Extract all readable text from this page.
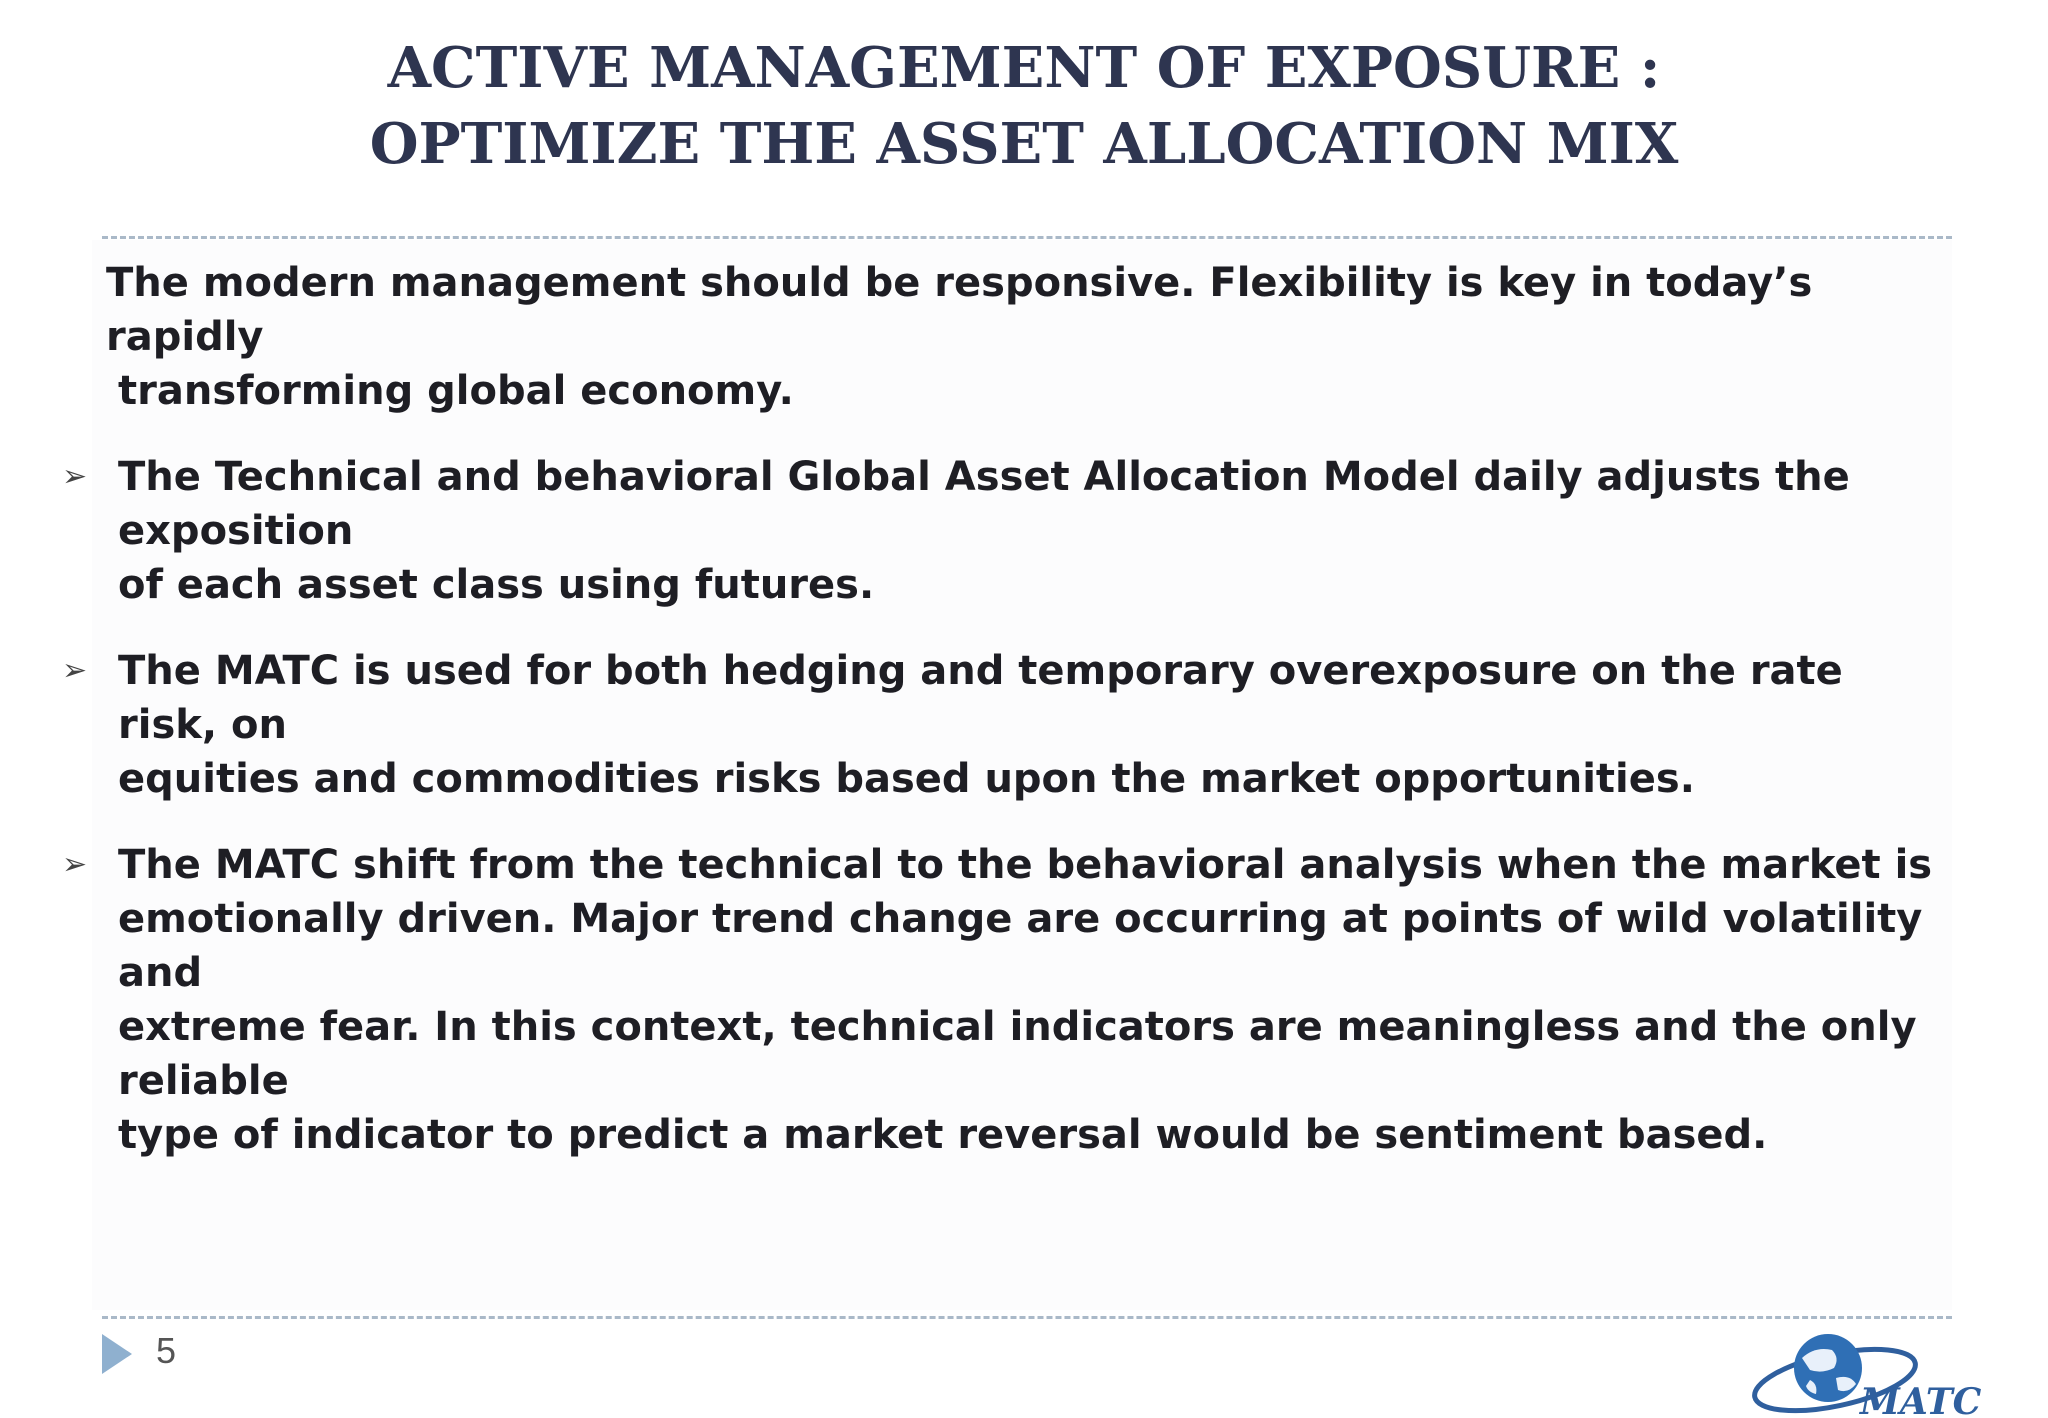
ACTIVE MANAGEMENT OF EXPOSURE :
OPTIMIZE THE ASSET ALLOCATION MIX
The modern management should be responsive. Flexibility is key in today’s rapidly
transforming global economy.
➢ The Technical and behavioral Global Asset Allocation Model daily adjusts the exposition
of each asset class using futures.
➢ The MATC is used for both hedging and temporary overexposure on the rate risk, on
equities and commodities risks based upon the market opportunities.
➢ The MATC shift from the technical to the behavioral analysis when the market is
emotionally driven. Major trend change are occurring at points of wild volatility and
extreme fear. In this context, technical indicators are meaningless and the only reliable
type of indicator to predict a market reversal would be sentiment based.
5
MATC
